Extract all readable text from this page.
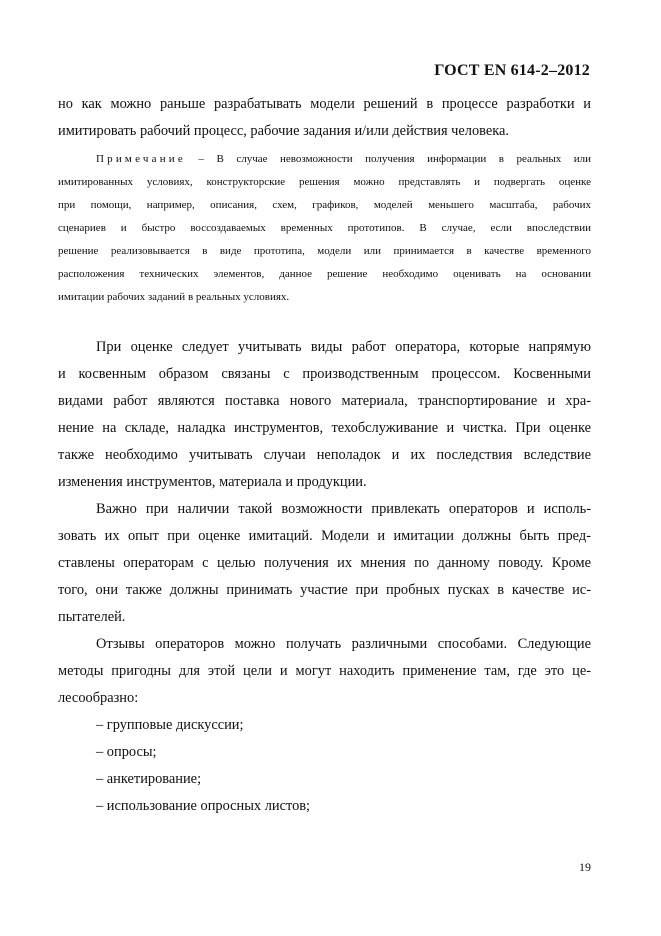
ГОСТ EN 614-2–2012
но как можно раньше разрабатывать модели решений в процессе разработки и
имитировать рабочий процесс, рабочие задания и/или действия человека.
Примечание – В случае невозможности получения информации в реальных или
имитированных условиях, конструкторские решения можно представлять и подвергать оценке
при помощи, например, описания, схем, графиков, моделей меньшего масштаба, рабочих
сценариев и быстро воссоздаваемых временных прототипов. В случае, если впоследствии
решение реализовывается в виде прототипа, модели или принимается в качестве временного
расположения технических элементов, данное решение необходимо оценивать на основании
имитации рабочих заданий в реальных условиях.
При оценке следует учитывать виды работ оператора, которые напрямую
и косвенным образом связаны с производственным процессом. Косвенными
видами работ являются поставка нового материала, транспортирование и хра-
нение на складе, наладка инструментов, техобслуживание и чистка. При оценке
также необходимо учитывать случаи неполадок и их последствия вследствие
изменения инструментов, материала и продукции.
Важно при наличии такой возможности привлекать операторов и исполь-
зовать их опыт при оценке имитаций. Модели и имитации должны быть пред-
ставлены операторам с целью получения их мнения по данному поводу. Кроме
того, они также должны принимать участие при пробных пусках в качестве ис-
пытателей.
Отзывы операторов можно получать различными способами. Следующие
методы пригодны для этой цели и могут находить применение там, где это це-
лесообразно:
– групповые дискуссии;
– опросы;
– анкетирование;
– использование опросных листов;
19
